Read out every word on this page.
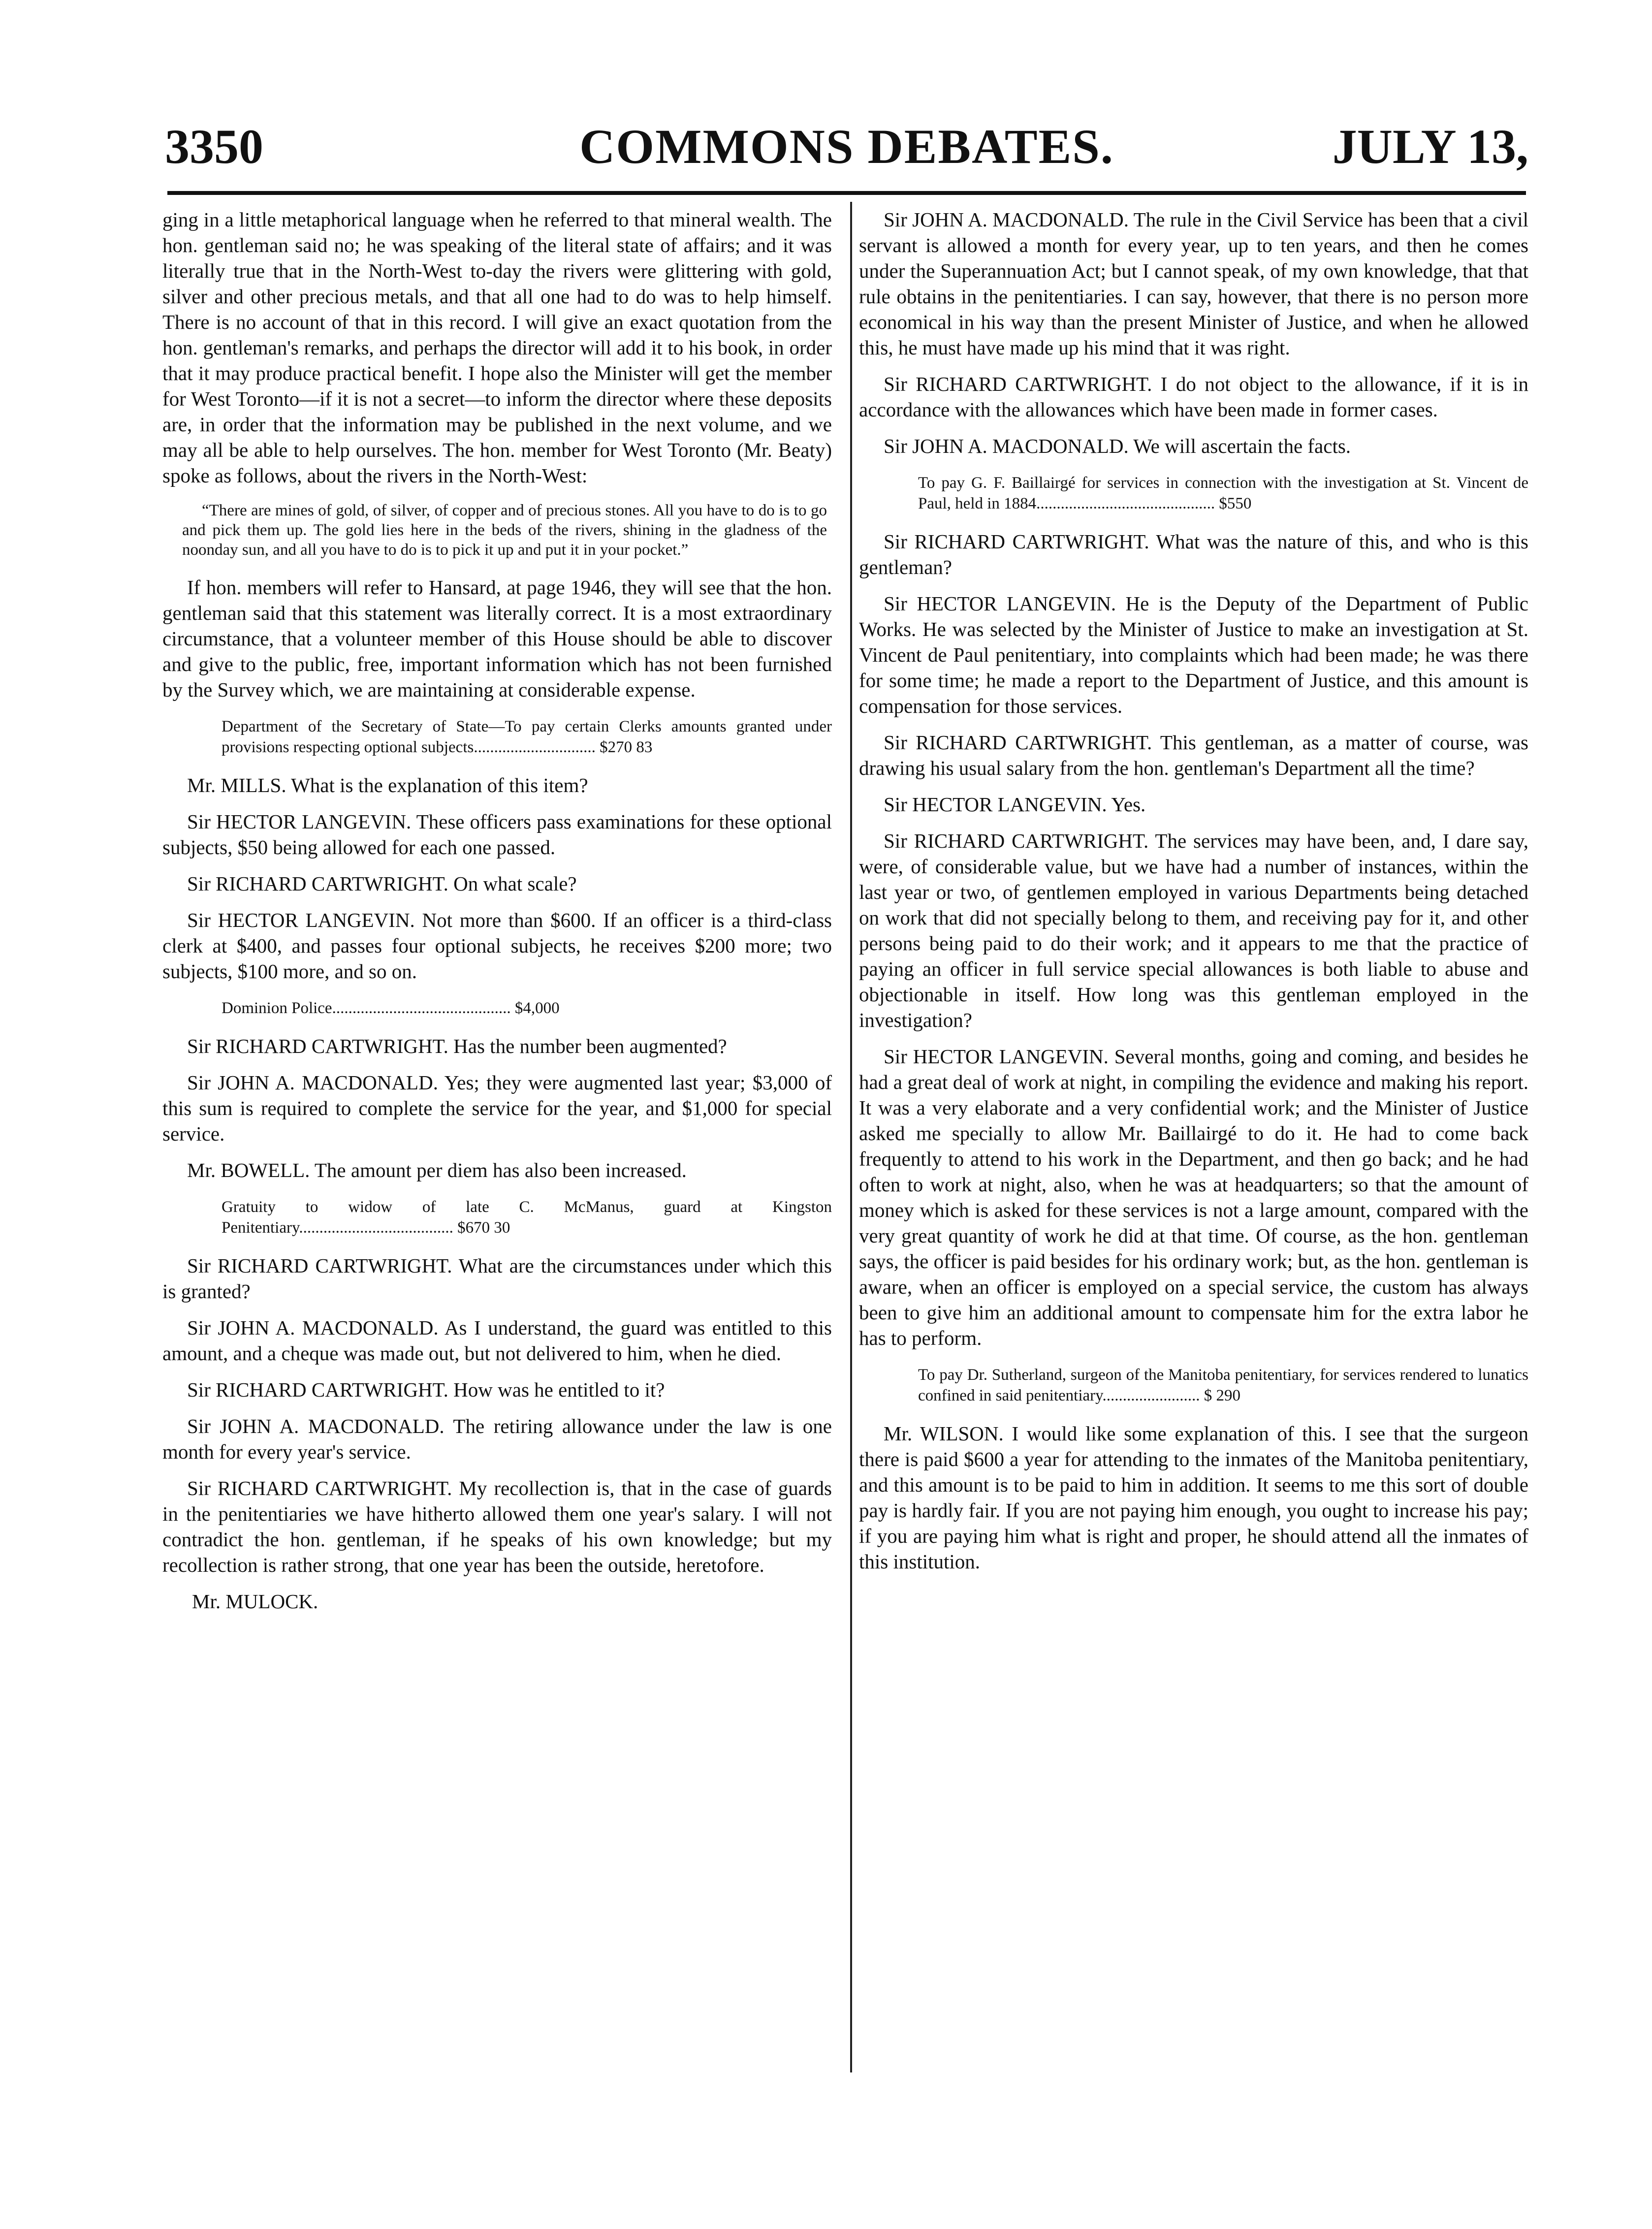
3350	COMMONS DEBATES.	JULY 13,

ging in a little metaphorical language when he referred to that mineral wealth. The hon. gentleman said no; he was speaking of the literal state of affairs; and it was literally true that in the North-West to-day the rivers were glittering with gold, silver and other precious metals, and that all one had to do was to help himself. There is no account of that in this record. I will give an exact quotation from the hon. gentleman's remarks, and perhaps the director will add it to his book, in order that it may produce practical benefit. I hope also the Minister will get the member for West Toronto—if it is not a secret—to inform the director where these deposits are, in order that the information may be published in the next volume, and we may all be able to help ourselves. The hon. member for West Toronto (Mr. Beaty) spoke as follows, about the rivers in the North-West:

“There are mines of gold, of silver, of copper and of precious stones. All you have to do is to go and pick them up. The gold lies here in the beds of the rivers, shining in the gladness of the noonday sun, and all you have to do is to pick it up and put it in your pocket.”

If hon. members will refer to Hansard, at page 1946, they will see that the hon. gentleman said that this statement was literally correct. It is a most extraordinary circumstance, that a volunteer member of this House should be able to discover and give to the public, free, important information which has not been furnished by the Survey which, we are maintaining at considerable expense.

Department of the Secretary of State—To pay certain Clerks amounts granted under provisions respecting optional subjects.............................. $270 83

Mr. MILLS. What is the explanation of this item?

Sir HECTOR LANGEVIN. These officers pass examinations for these optional subjects, $50 being allowed for each one passed.

Sir RICHARD CARTWRIGHT. On what scale?

Sir HECTOR LANGEVIN. Not more than $600. If an officer is a third-class clerk at $400, and passes four optional subjects, he receives $200 more; two subjects, $100 more, and so on.

Dominion Police............................................ $4,000

Sir RICHARD CARTWRIGHT. Has the number been augmented?

Sir JOHN A. MACDONALD. Yes; they were augmented last year; $3,000 of this sum is required to complete the service for the year, and $1,000 for special service.

Mr. BOWELL. The amount per diem has also been increased.

Gratuity to widow of late C. McManus, guard at Kingston Penitentiary...................................... $670 30

Sir RICHARD CARTWRIGHT. What are the circumstances under which this is granted?

Sir JOHN A. MACDONALD. As I understand, the guard was entitled to this amount, and a cheque was made out, but not delivered to him, when he died.

Sir RICHARD CARTWRIGHT. How was he entitled to it?

Sir JOHN A. MACDONALD. The retiring allowance under the law is one month for every year's service.

Sir RICHARD CARTWRIGHT. My recollection is, that in the case of guards in the penitentiaries we have hitherto allowed them one year's salary. I will not contradict the hon. gentleman, if he speaks of his own knowledge; but my recollection is rather strong, that one year has been the outside, heretofore.

Mr. MULOCK.

Sir JOHN A. MACDONALD. The rule in the Civil Service has been that a civil servant is allowed a month for every year, up to ten years, and then he comes under the Superannuation Act; but I cannot speak, of my own knowledge, that that rule obtains in the penitentiaries. I can say, however, that there is no person more economical in his way than the present Minister of Justice, and when he allowed this, he must have made up his mind that it was right.

Sir RICHARD CARTWRIGHT. I do not object to the allowance, if it is in accordance with the allowances which have been made in former cases.

Sir JOHN A. MACDONALD. We will ascertain the facts.

To pay G. F. Baillairgé for services in connection with the investigation at St. Vincent de Paul, held in 1884............................................ $550

Sir RICHARD CARTWRIGHT. What was the nature of this, and who is this gentleman?

Sir HECTOR LANGEVIN. He is the Deputy of the Department of Public Works. He was selected by the Minister of Justice to make an investigation at St. Vincent de Paul penitentiary, into complaints which had been made; he was there for some time; he made a report to the Department of Justice, and this amount is compensation for those services.

Sir RICHARD CARTWRIGHT. This gentleman, as a matter of course, was drawing his usual salary from the hon. gentleman's Department all the time?

Sir HECTOR LANGEVIN. Yes.

Sir RICHARD CARTWRIGHT. The services may have been, and, I dare say, were, of considerable value, but we have had a number of instances, within the last year or two, of gentlemen employed in various Departments being detached on work that did not specially belong to them, and receiving pay for it, and other persons being paid to do their work; and it appears to me that the practice of paying an officer in full service special allowances is both liable to abuse and objectionable in itself. How long was this gentleman employed in the investigation?

Sir HECTOR LANGEVIN. Several months, going and coming, and besides he had a great deal of work at night, in compiling the evidence and making his report. It was a very elaborate and a very confidential work; and the Minister of Justice asked me specially to allow Mr. Baillairgé to do it. He had to come back frequently to attend to his work in the Department, and then go back; and he had often to work at night, also, when he was at headquarters; so that the amount of money which is asked for these services is not a large amount, compared with the very great quantity of work he did at that time. Of course, as the hon. gentleman says, the officer is paid besides for his ordinary work; but, as the hon. gentleman is aware, when an officer is employed on a special service, the custom has always been to give him an additional amount to compensate him for the extra labor he has to perform.

To pay Dr. Sutherland, surgeon of the Manitoba penitentiary, for services rendered to lunatics confined in said penitentiary........................ $ 290

Mr. WILSON. I would like some explanation of this. I see that the surgeon there is paid $600 a year for attending to the inmates of the Manitoba penitentiary, and this amount is to be paid to him in addition. It seems to me this sort of double pay is hardly fair. If you are not paying him enough, you ought to increase his pay; if you are paying him what is right and proper, he should attend all the inmates of this institution.
